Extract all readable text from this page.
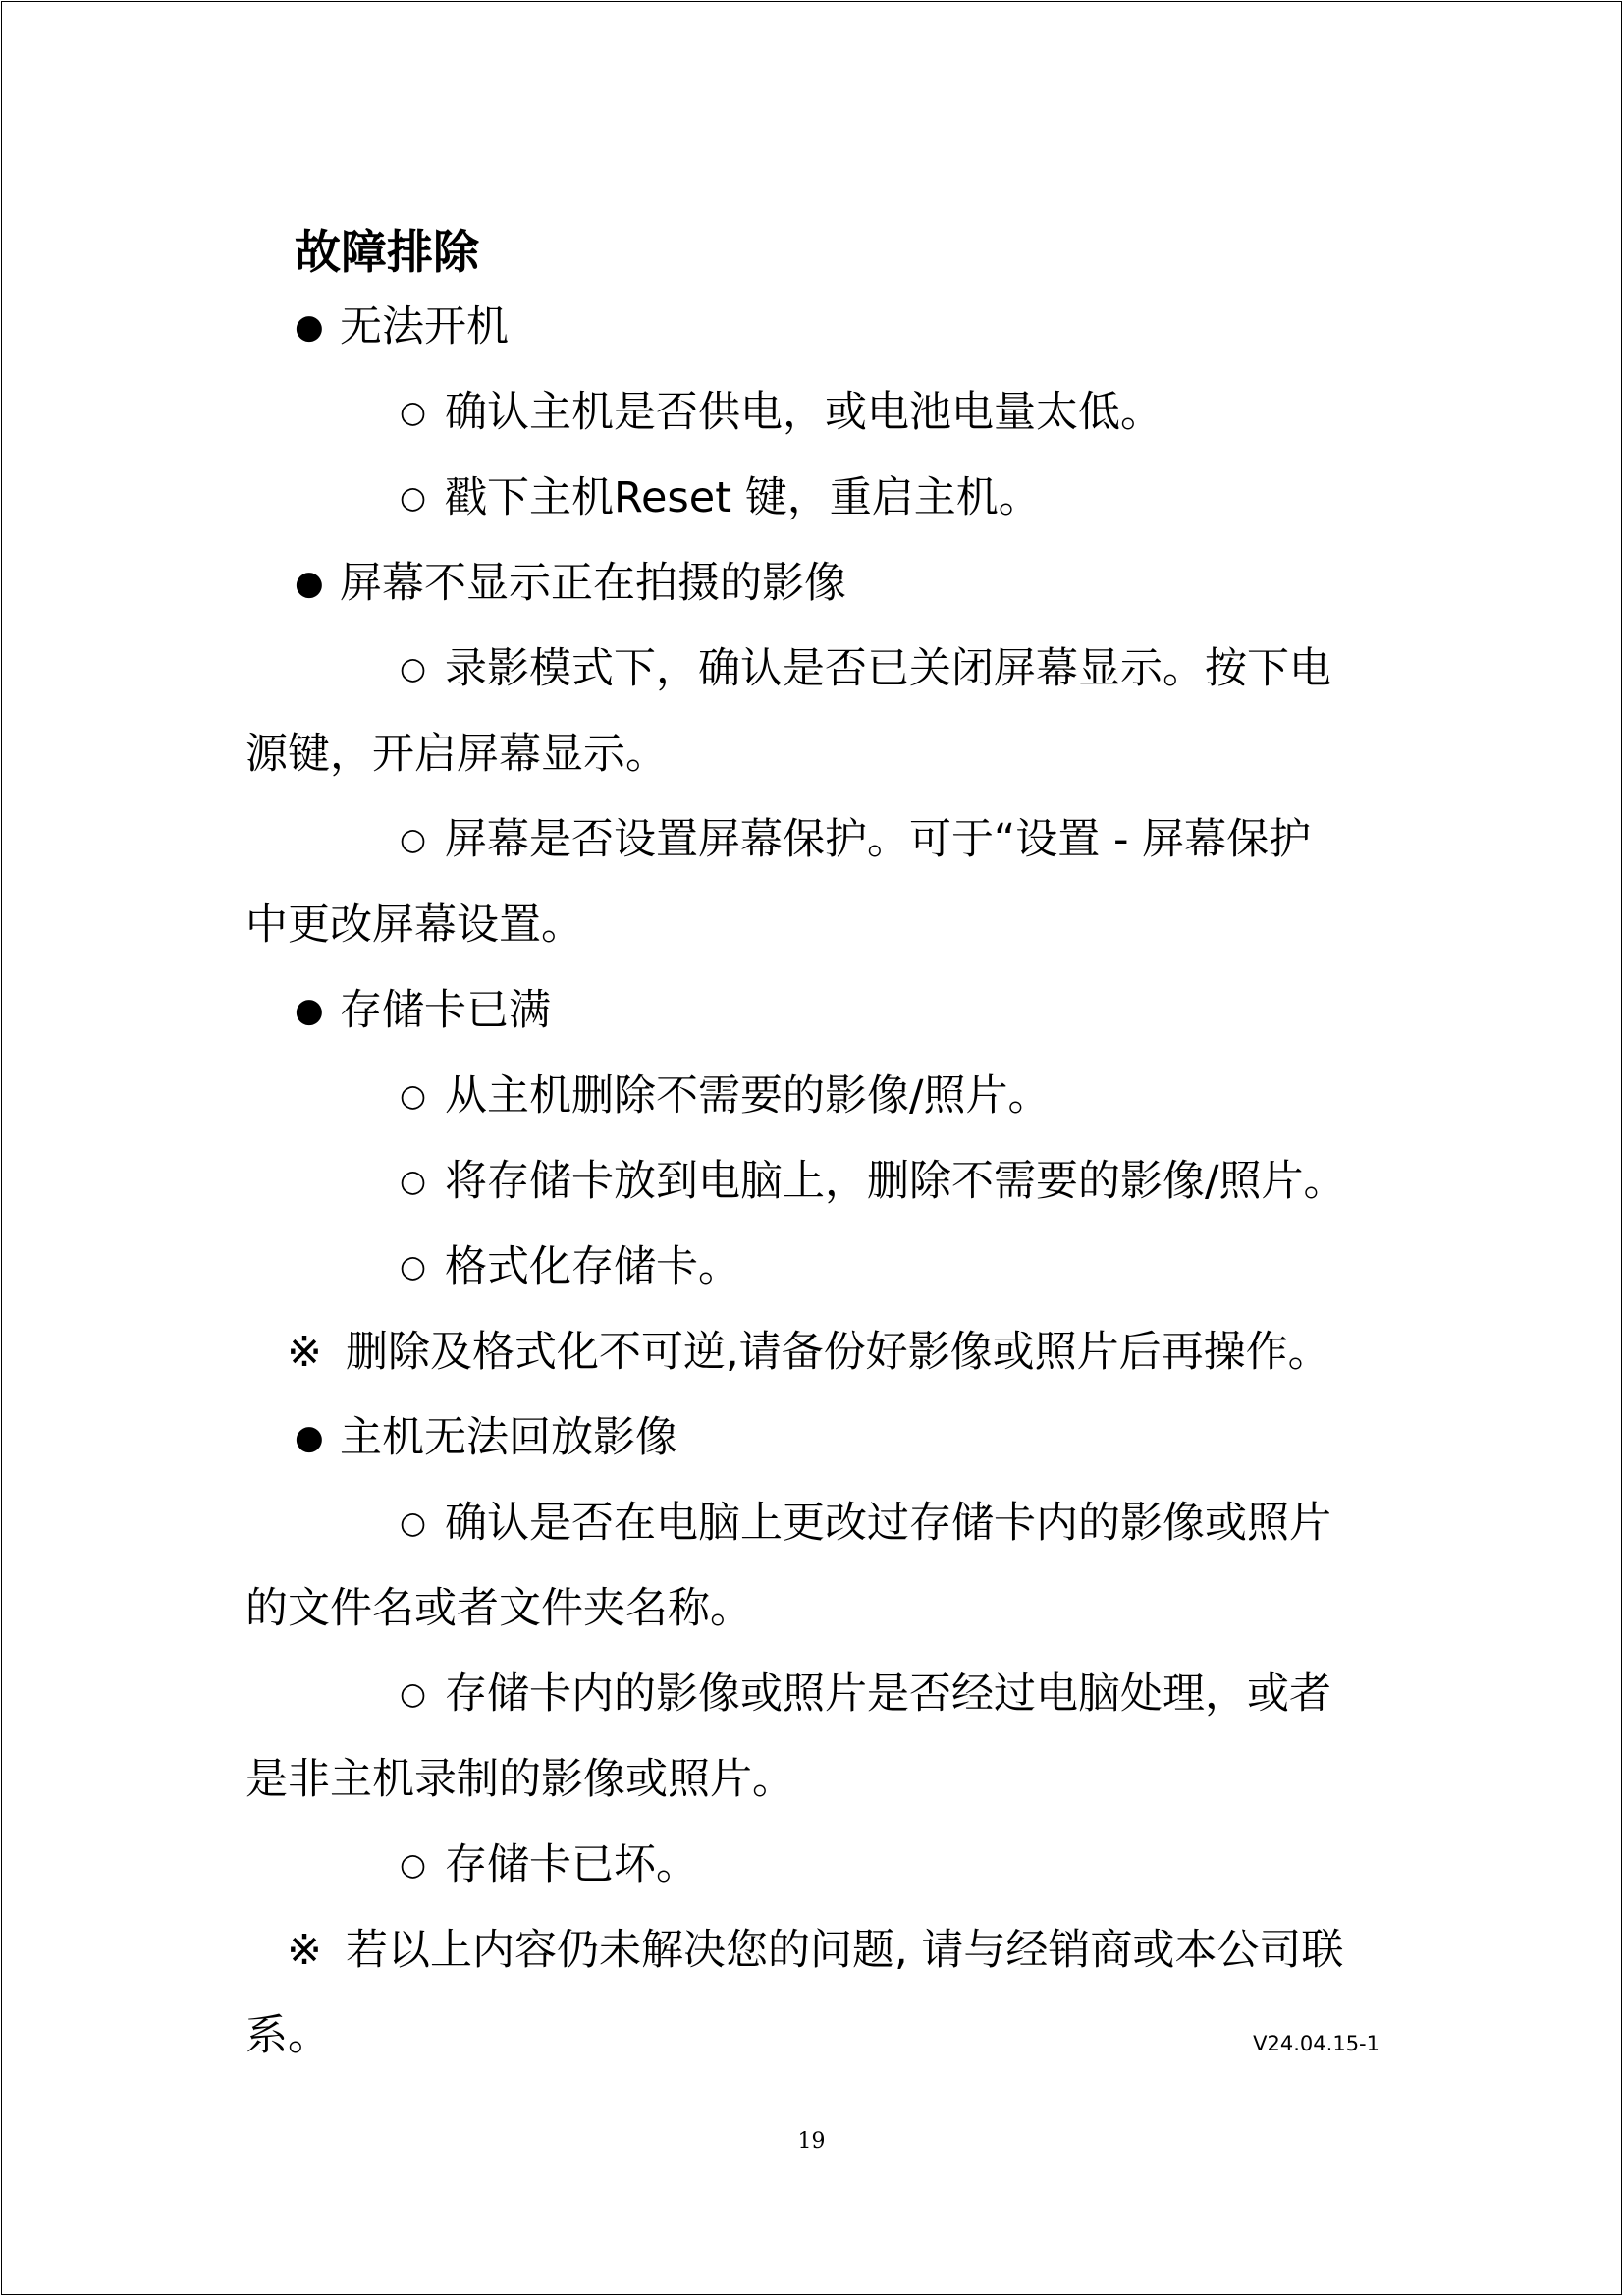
故障排除
● 无法开机
○ 确认主机是否供电，或电池电量太低。
○ 戳下主机Reset 键，重启主机。
● 屏幕不显示正在拍摄的影像
○ 录影模式下，确认是否已关闭屏幕显示。按下电
源键，开启屏幕显示。
○ 屏幕是否设置屏幕保护。可于“设置 - 屏幕保护
中更改屏幕设置。
● 存储卡已满
○ 从主机删除不需要的影像/照片。
○ 将存储卡放到电脑上，删除不需要的影像/照片。
○ 格式化存储卡。
※ 删除及格式化不可逆,请备份好影像或照片后再操作。
● 主机无法回放影像
○ 确认是否在电脑上更改过存储卡内的影像或照片
的文件名或者文件夹名称。
○ 存储卡内的影像或照片是否经过电脑处理，或者
是非主机录制的影像或照片。
○ 存储卡已坏。
※ 若以上内容仍未解决您的问题, 请与经销商或本公司联
系。	V24.04.15-1
19
